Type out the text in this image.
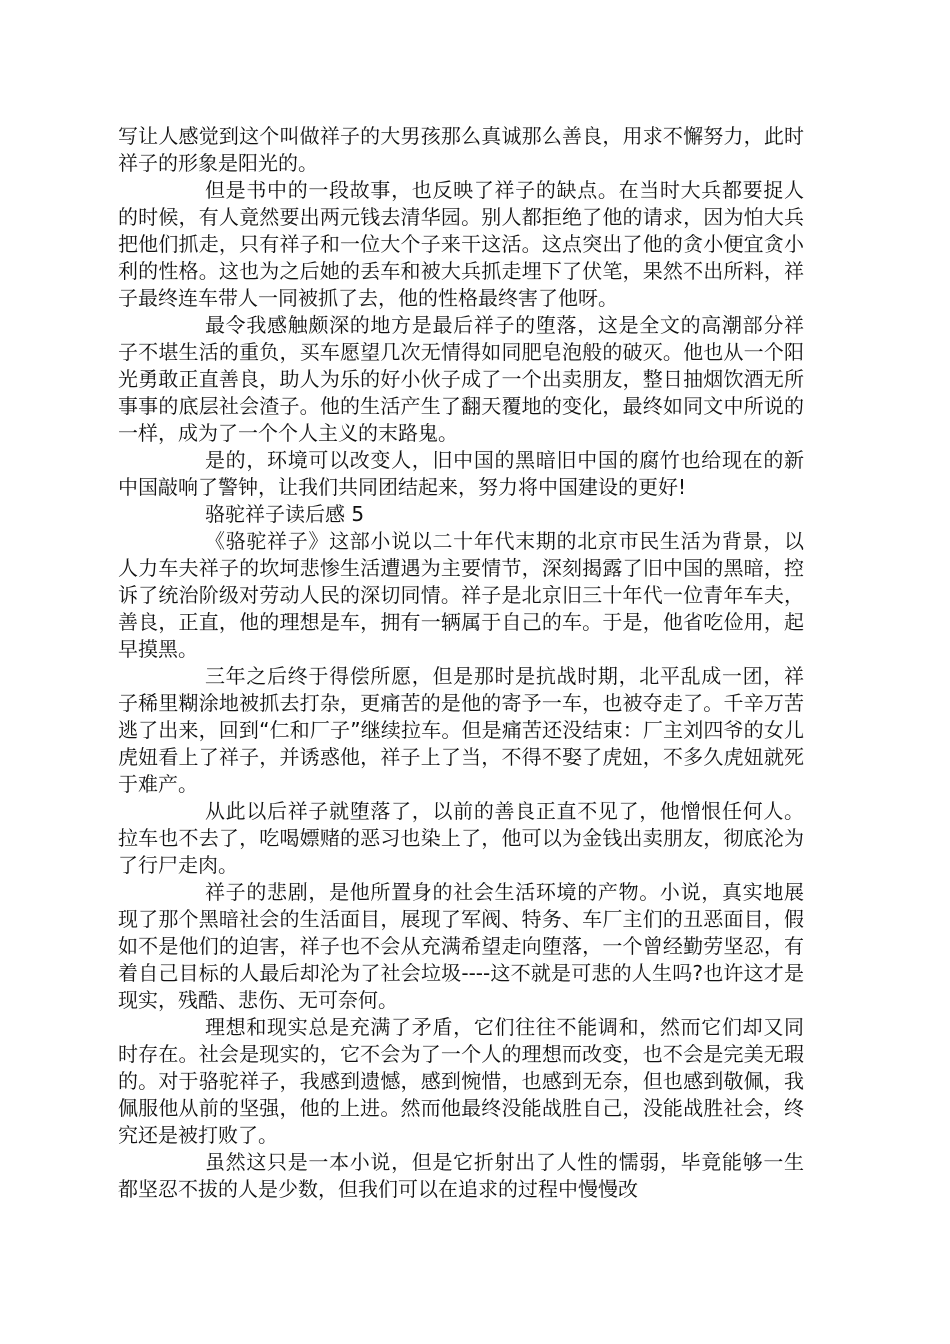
写让人感觉到这个叫做祥子的大男孩那么真诚那么善良，用求不懈努力，此时祥子的形象是阳光的。

但是书中的一段故事，也反映了祥子的缺点。在当时大兵都要捉人的时候，有人竟然要出两元钱去清华园。别人都拒绝了他的请求，因为怕大兵把他们抓走，只有祥子和一位大个子来干这活。这点突出了他的贪小便宜贪小利的性格。这也为之后她的丢车和被大兵抓走埋下了伏笔，果然不出所料，祥子最终连车带人一同被抓了去，他的性格最终害了他呀。

最令我感触颇深的地方是最后祥子的堕落，这是全文的高潮部分祥子不堪生活的重负，买车愿望几次无情得如同肥皂泡般的破灭。他也从一个阳光勇敢正直善良，助人为乐的好小伙子成了一个出卖朋友，整日抽烟饮酒无所事事的底层社会渣子。他的生活产生了翻天覆地的变化，最终如同文中所说的一样，成为了一个个人主义的末路鬼。

是的，环境可以改变人，旧中国的黑暗旧中国的腐竹也给现在的新中国敲响了警钟，让我们共同团结起来，努力将中国建设的更好!

骆驼祥子读后感 5

《骆驼祥子》这部小说以二十年代末期的北京市民生活为背景，以人力车夫祥子的坎坷悲惨生活遭遇为主要情节，深刻揭露了旧中国的黑暗，控诉了统治阶级对劳动人民的深切同情。祥子是北京旧三十年代一位青年车夫，善良，正直，他的理想是车，拥有一辆属于自己的车。于是，他省吃俭用，起早摸黑。

三年之后终于得偿所愿，但是那时是抗战时期，北平乱成一团，祥子稀里糊涂地被抓去打杂，更痛苦的是他的寄予一车，也被夺走了。千辛万苦逃了出来，回到“仁和厂子”继续拉车。但是痛苦还没结束：厂主刘四爷的女儿虎妞看上了祥子，并诱惑他，祥子上了当，不得不娶了虎妞，不多久虎妞就死于难产。

从此以后祥子就堕落了，以前的善良正直不见了，他憎恨任何人。拉车也不去了，吃喝嫖赌的恶习也染上了，他可以为金钱出卖朋友，彻底沦为了行尸走肉。

祥子的悲剧，是他所置身的社会生活环境的产物。小说，真实地展现了那个黑暗社会的生活面目，展现了军阀、特务、车厂主们的丑恶面目，假如不是他们的迫害，祥子也不会从充满希望走向堕落，一个曾经勤劳坚忍，有着自己目标的人最后却沦为了社会垃圾----这不就是可悲的人生吗?也许这才是现实，残酷、悲伤、无可奈何。

理想和现实总是充满了矛盾，它们往往不能调和，然而它们却又同时存在。社会是现实的，它不会为了一个人的理想而改变，也不会是完美无瑕的。对于骆驼祥子，我感到遗憾，感到惋惜，也感到无奈，但也感到敬佩，我佩服他从前的坚强，他的上进。然而他最终没能战胜自己，没能战胜社会，终究还是被打败了。

虽然这只是一本小说，但是它折射出了人性的懦弱，毕竟能够一生都坚忍不拔的人是少数，但我们可以在追求的过程中慢慢改
